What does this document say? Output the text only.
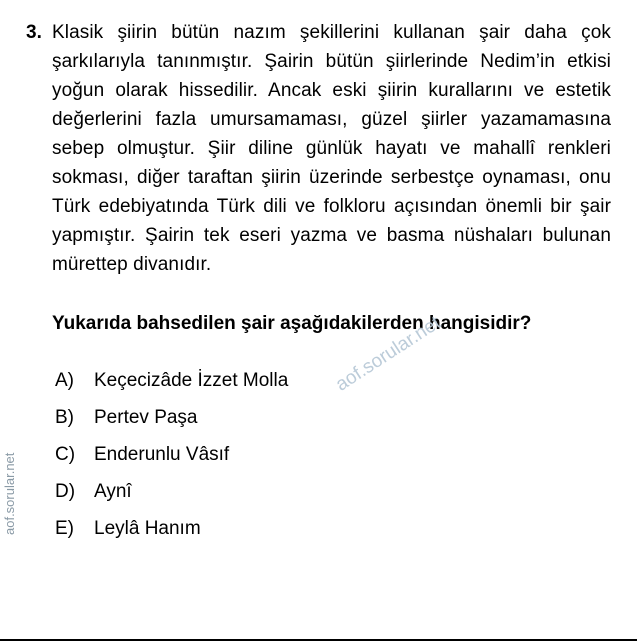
3. Klasik şiirin bütün nazım şekillerini kullanan şair daha çok şarkılarıyla tanınmıştır. Şairin bütün şiirlerinde Nedim’in etkisi yoğun olarak hissedilir. Ancak eski şiirin kurallarını ve estetik değerlerini fazla umursamaması, güzel şiirler yazamamasına sebep olmuştur. Şiir diline günlük hayatı ve mahallî renkleri sokması, diğer taraftan şiirin üzerinde serbestçe oynaması, onu Türk edebiyatında Türk dili ve folkloru açısından önemli bir şair yapmıştır. Şairin tek eseri yazma ve basma nüshaları bulunan mürettep divanıdır.

Yukarıda bahsedilen şair aşağıdakilerden hangisidir?

A)	Keçecizâde İzzet Molla
B)	Pertev Paşa
C) Enderunlu Vâsıf
D) Aynî
E)	Leylâ Hanım
aof.sorular.net
aof.sorular.net
